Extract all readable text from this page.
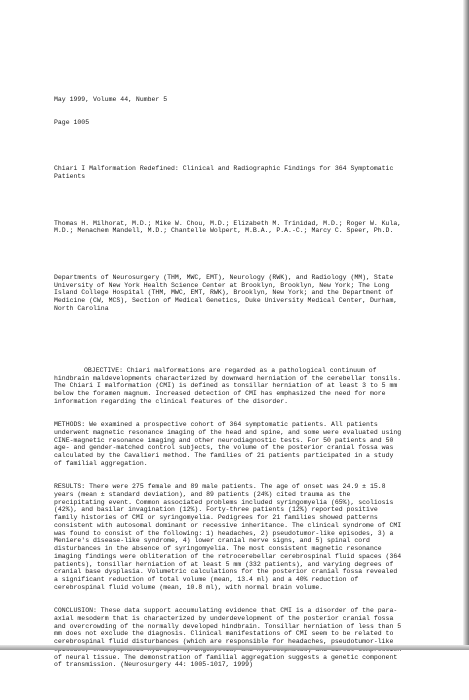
May 1999, Volume 44, Number 5

Page 1005

Chiari I Malformation Redefined: Clinical and Radiographic Findings for 364 Symptomatic Patients

Thomas H. Milhorat, M.D.; Mike W. Chou, M.D.; Elizabeth M. Trinidad, M.D.; Roger W. Kula, M.D.; Menachem Mandell, M.D.; Chantelle Wolpert, M.B.A., P.A.-C.; Marcy C. Speer, Ph.D.

Departments of Neurosurgery (THM, MWC, EMT), Neurology (RWK), and Radiology (MM), State University of New York Health Science Center at Brooklyn, Brooklyn, New York; The Long Island College Hospital (THM, MWC, EMT, RWK), Brooklyn, New York; and the Department of Medicine (CW, MCS), Section of Medical Genetics, Duke University Medical Center, Durham, North Carolina

OBJECTIVE: Chiari malformations are regarded as a pathological continuum of hindbrain maldevelopments characterized by downward herniation of the cerebellar tonsils. The Chiari I malformation (CMI) is defined as tonsillar herniation of at least 3 to 5 mm below the foramen magnum. Increased detection of CMI has emphasized the need for more information regarding the clinical features of the disorder.

METHODS: We examined a prospective cohort of 364 symptomatic patients. All patients underwent magnetic resonance imaging of the head and spine, and some were evaluated using CINE-magnetic resonance imaging and other neurodiagnostic tests. For 50 patients and 50 age- and gender-matched control subjects, the volume of the posterior cranial fossa was calculated by the Cavalieri method. The families of 21 patients participated in a study of familial aggregation.

RESULTS: There were 275 female and 89 male patients. The age of onset was 24.9 ± 15.8 years (mean ± standard deviation), and 89 patients (24%) cited trauma as the precipitating event. Common associated problems included syringomyelia (65%), scoliosis (42%), and basilar invagination (12%). Forty-three patients (12%) reported positive family histories of CMI or syringomyelia. Pedigrees for 21 families showed patterns consistent with autosomal dominant or recessive inheritance. The clinical syndrome of CMI was found to consist of the following: 1) headaches, 2) pseudotumor-like episodes, 3) a Meniere's disease-like syndrome, 4) lower cranial nerve signs, and 5) spinal cord disturbances in the absence of syringomyelia. The most consistent magnetic resonance imaging findings were obliteration of the retrocerebellar cerebrospinal fluid spaces (364 patients), tonsillar herniation of at least 5 mm (332 patients), and varying degrees of cranial base dysplasia. Volumetric calculations for the posterior cranial fossa revealed a significant reduction of total volume (mean, 13.4 ml) and a 40% reduction of cerebrospinal fluid volume (mean, 10.8 ml), with normal brain volume.

CONCLUSION: These data support accumulating evidence that CMI is a disorder of the para-axial mesoderm that is characterized by underdevelopment of the posterior cranial fossa and overcrowding of the normally developed hindbrain. Tonsillar herniation of less than 5 mm does not exclude the diagnosis. Clinical manifestations of CMI seem to be related to cerebrospinal fluid disturbances (which are responsible for headaches, pseudotumor-like          of neural tissue. The demonstration of familial aggregation suggests a genetic component of transmission. (Neurosurgery 44: 1005-1017, 1999)
